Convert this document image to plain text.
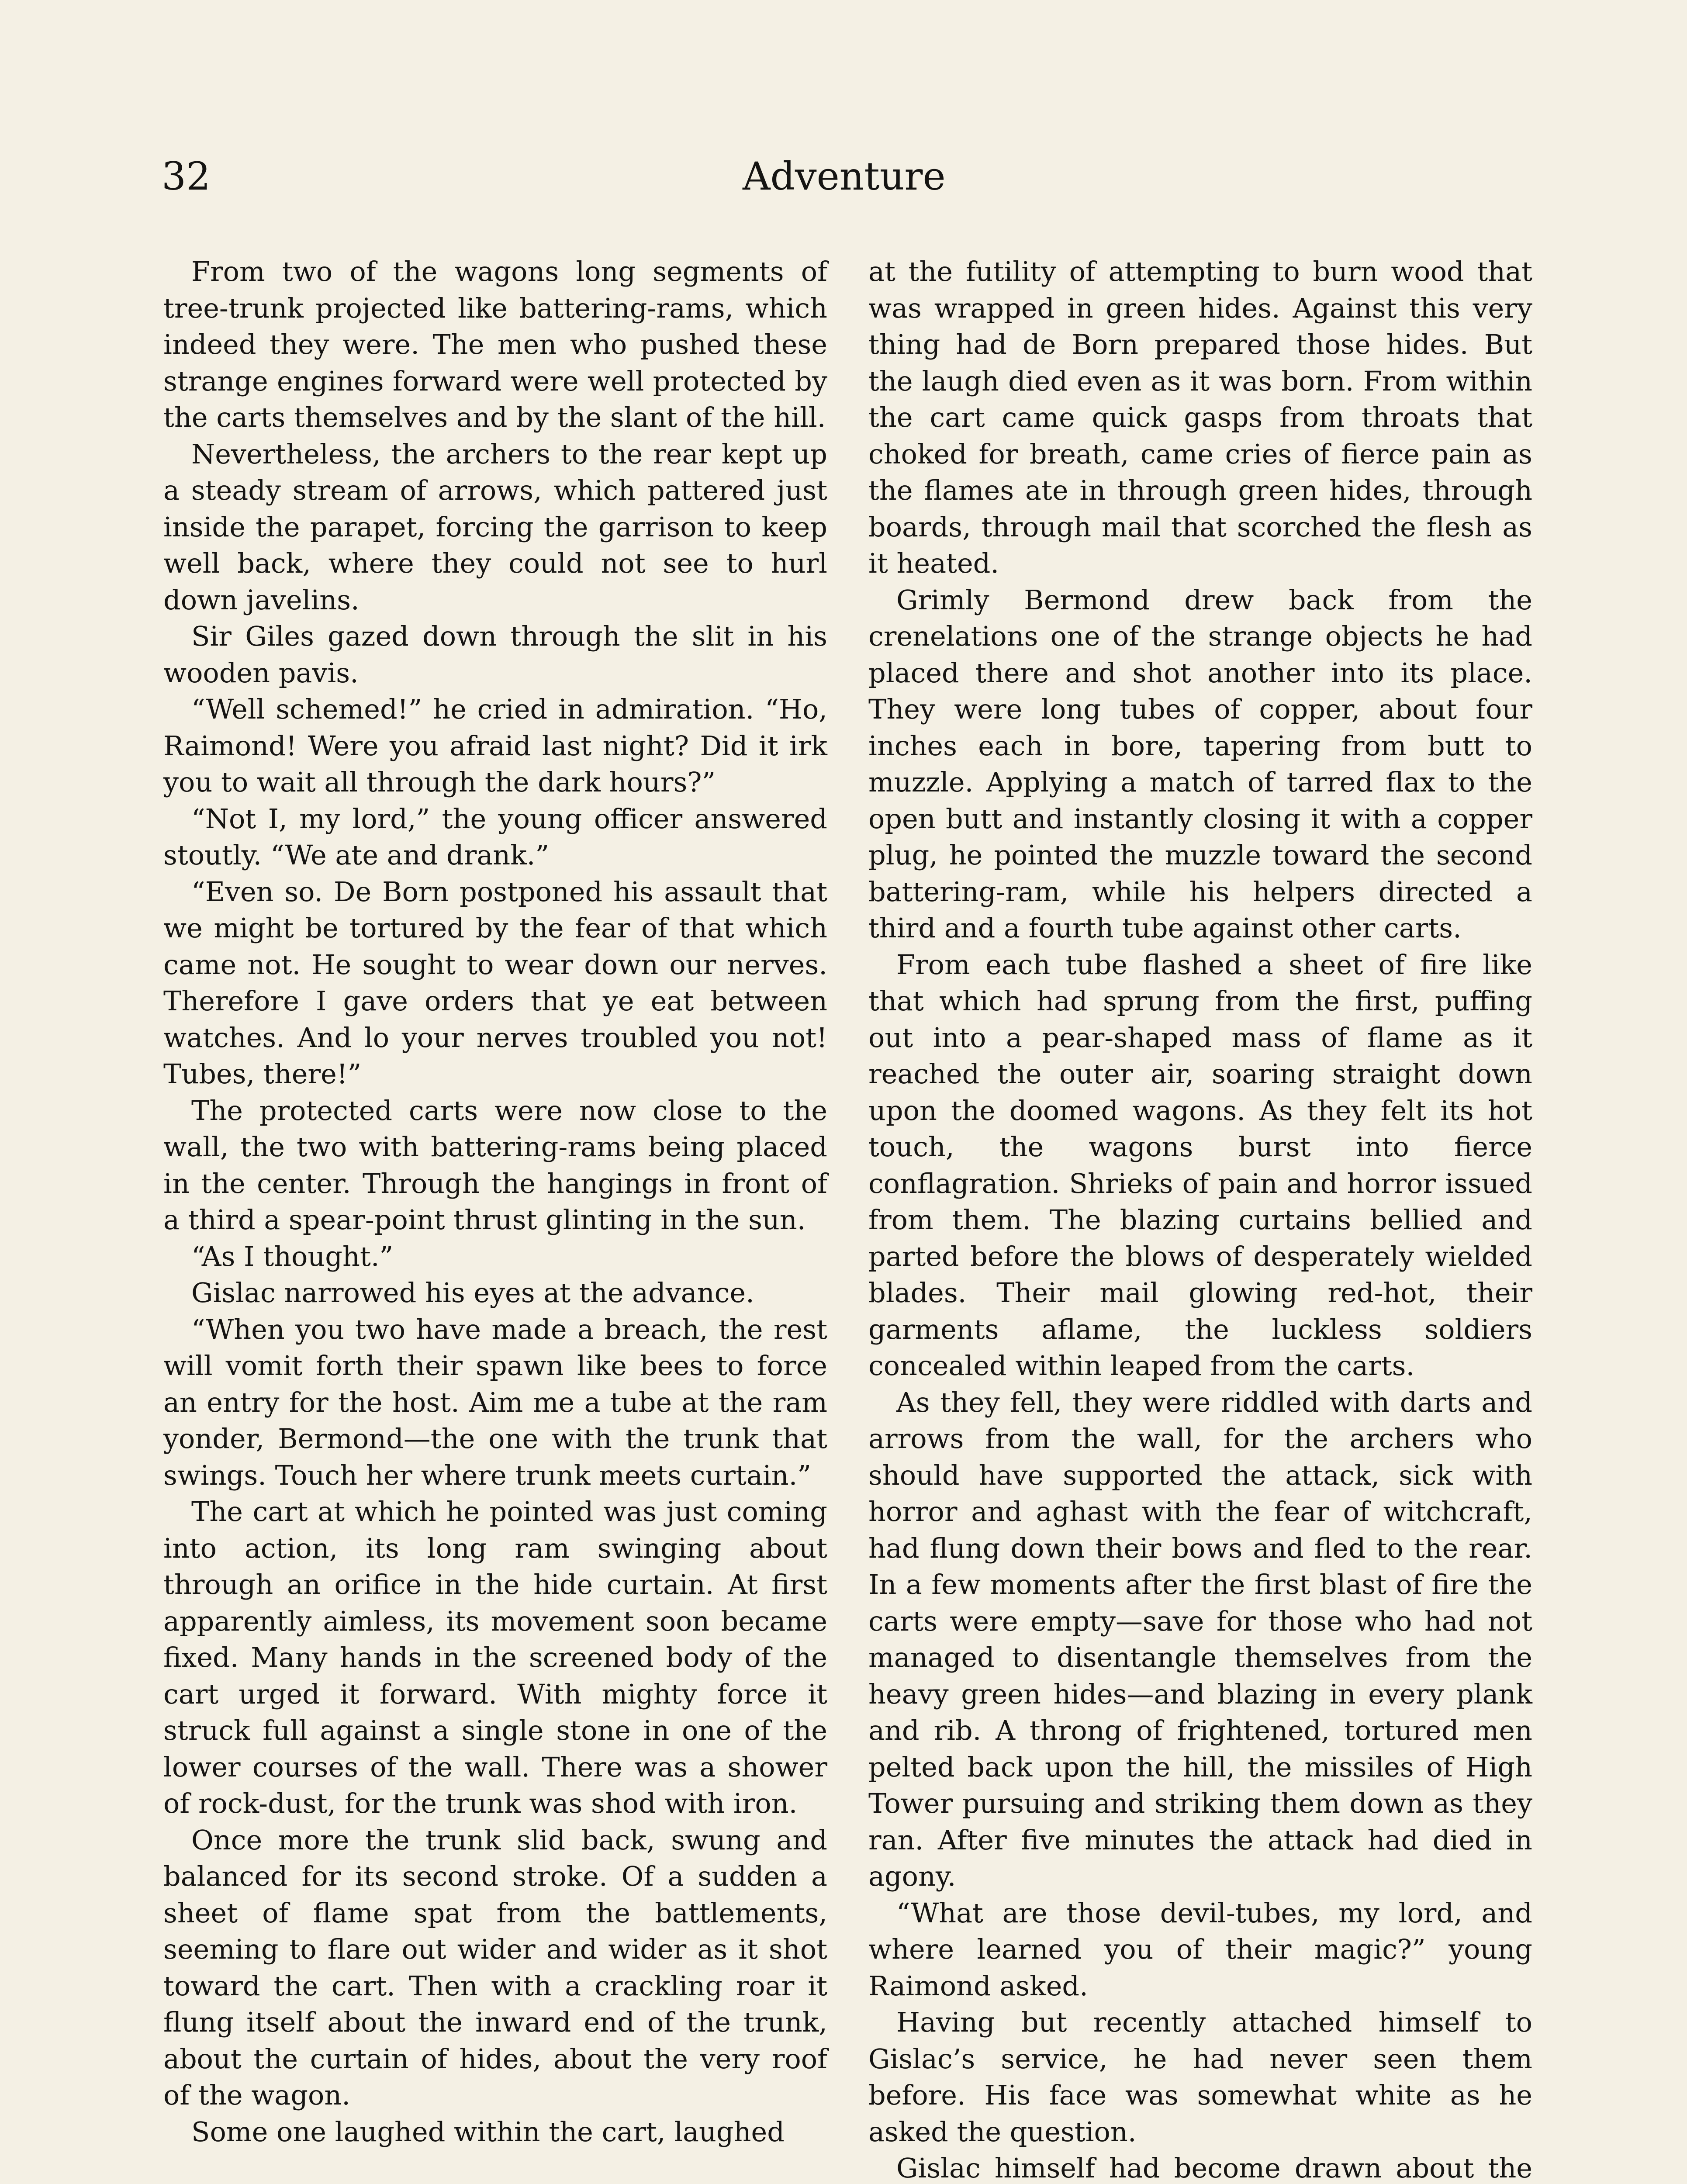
32	Adventure

From two of the wagons long segments of tree-trunk projected like battering-rams, which indeed they were. The men who pushed these strange engines forward were well protected by the carts themselves and by the slant of the hill.

Nevertheless, the archers to the rear kept up a steady stream of arrows, which pattered just inside the parapet, forcing the garrison to keep well back, where they could not see to hurl down javelins.

Sir Giles gazed down through the slit in his wooden pavis.

“Well schemed!” he cried in admiration. “Ho, Raimond! Were you afraid last night? Did it irk you to wait all through the dark hours?”

“Not I, my lord,” the young officer answered stoutly. “We ate and drank.”

“Even so. De Born postponed his assault that we might be tortured by the fear of that which came not. He sought to wear down our nerves. Therefore I gave orders that ye eat between watches. And lo your nerves troubled you not! Tubes, there!”

The protected carts were now close to the wall, the two with battering-rams being placed in the center. Through the hangings in front of a third a spear-point thrust glinting in the sun.

“As I thought.”

Gislac narrowed his eyes at the advance.

“When you two have made a breach, the rest will vomit forth their spawn like bees to force an entry for the host. Aim me a tube at the ram yonder, Bermond—the one with the trunk that swings. Touch her where trunk meets curtain.”

The cart at which he pointed was just coming into action, its long ram swinging about through an orifice in the hide curtain. At first apparently aimless, its movement soon became fixed. Many hands in the screened body of the cart urged it forward. With mighty force it struck full against a single stone in one of the lower courses of the wall. There was a shower of rock-dust, for the trunk was shod with iron.

Once more the trunk slid back, swung and balanced for its second stroke. Of a sudden a sheet of flame spat from the battlements, seeming to flare out wider and wider as it shot toward the cart. Then with a crackling roar it flung itself about the inward end of the trunk, about the curtain of hides, about the very roof of the wagon.

Some one laughed within the cart, laughed

at the futility of attempting to burn wood that was wrapped in green hides. Against this very thing had de Born prepared those hides. But the laugh died even as it was born. From within the cart came quick gasps from throats that choked for breath, came cries of fierce pain as the flames ate in through green hides, through boards, through mail that scorched the flesh as it heated.

Grimly Bermond drew back from the crenelations one of the strange objects he had placed there and shot another into its place. They were long tubes of copper, about four inches each in bore, tapering from butt to muzzle. Applying a match of tarred flax to the open butt and instantly closing it with a copper plug, he pointed the muzzle toward the second battering-ram, while his helpers directed a third and a fourth tube against other carts.

From each tube flashed a sheet of fire like that which had sprung from the first, puffing out into a pear-shaped mass of flame as it reached the outer air, soaring straight down upon the doomed wagons. As they felt its hot touch, the wagons burst into fierce conflagration. Shrieks of pain and horror issued from them. The blazing curtains bellied and parted before the blows of desperately wielded blades. Their mail glowing red-hot, their garments aflame, the luckless soldiers concealed within leaped from the carts.

As they fell, they were riddled with darts and arrows from the wall, for the archers who should have supported the attack, sick with horror and aghast with the fear of witchcraft, had flung down their bows and fled to the rear. In a few moments after the first blast of fire the carts were empty—save for those who had not managed to disentangle themselves from the heavy green hides—and blazing in every plank and rib. A throng of frightened, tortured men pelted back upon the hill, the missiles of High Tower pursuing and striking them down as they ran. After five minutes the attack had died in agony.

“What are those devil-tubes, my lord, and where learned you of their magic?” young Raimond asked.

Having but recently attached himself to Gislac’s service, he had never seen them before. His face was somewhat white as he asked the question.

Gislac himself had become drawn about the
